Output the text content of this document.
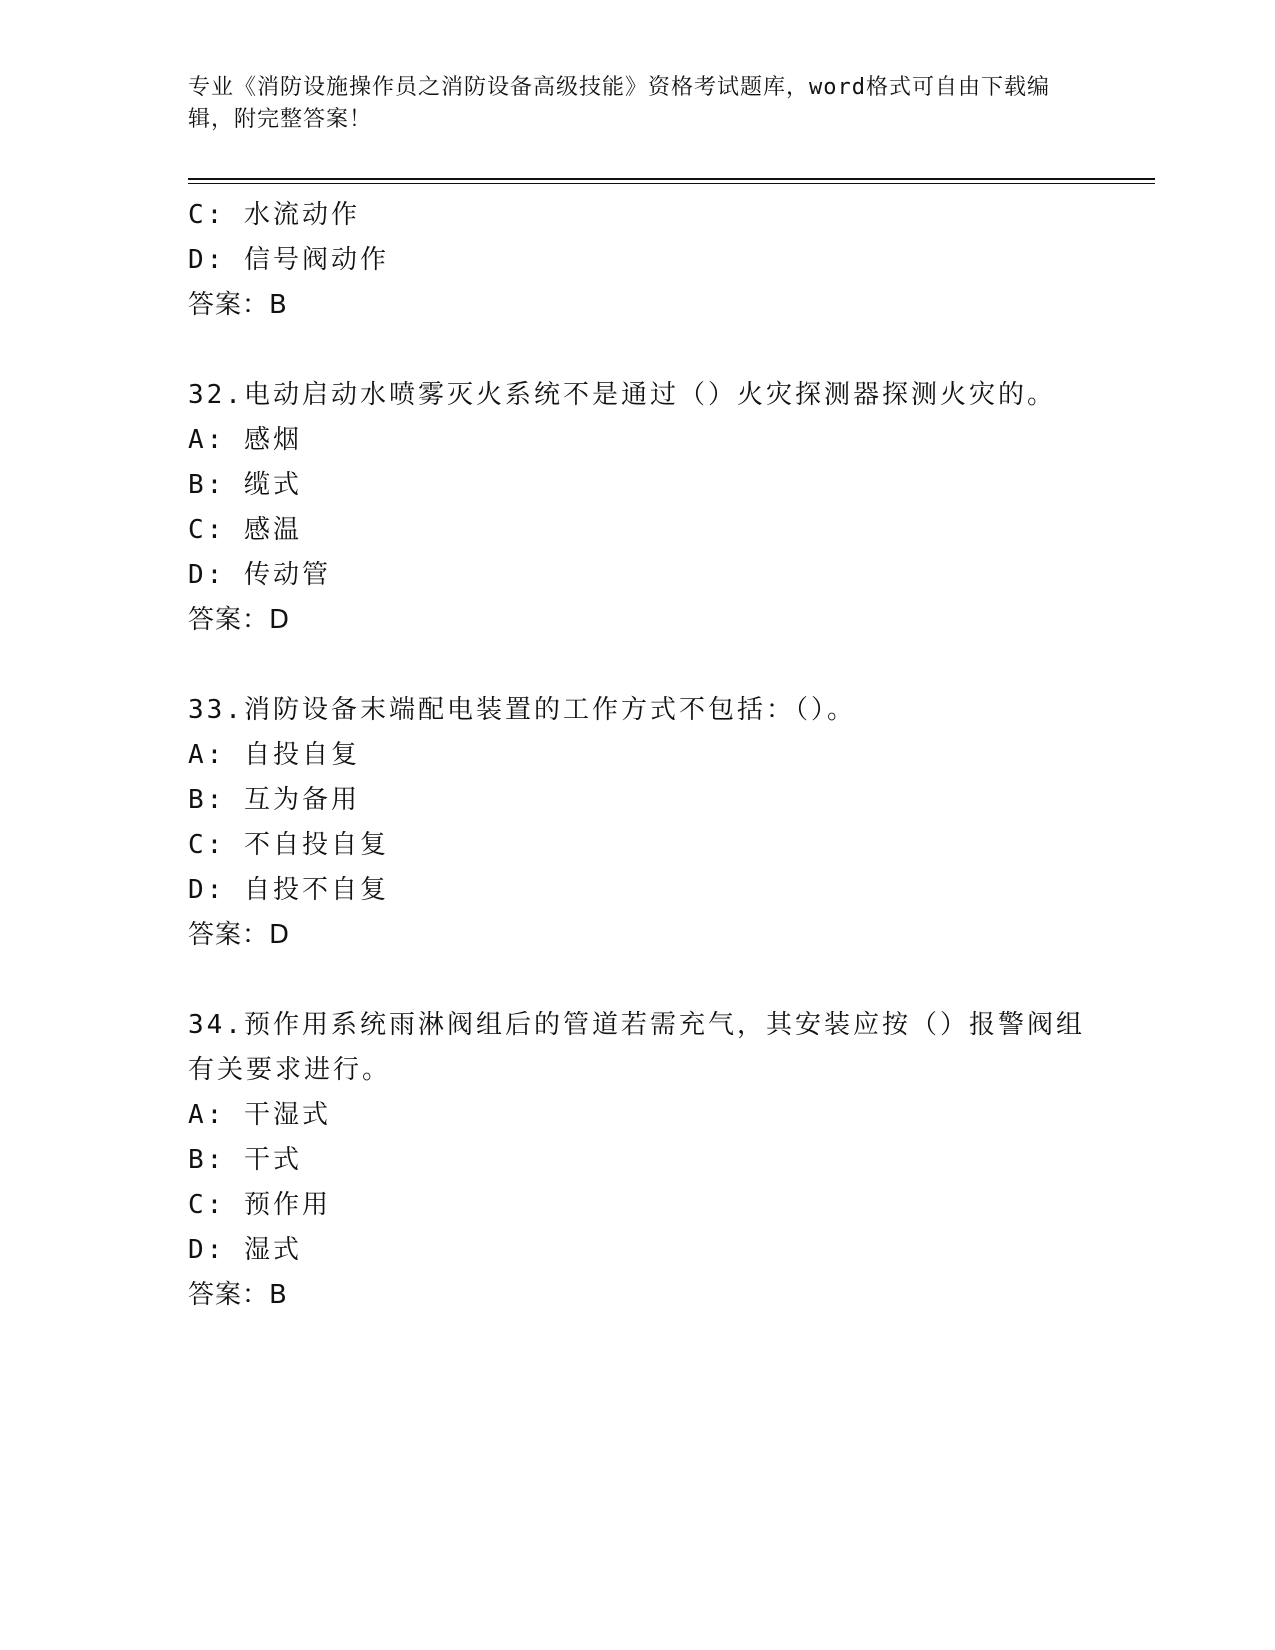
专业《消防设施操作员之消防设备高级技能》资格考试题库，word格式可自由下载编辑，附完整答案！
C: 水流动作
D: 信号阀动作
答案：B
32.电动启动水喷雾灭火系统不是通过（）火灾探测器探测火灾的。
A: 感烟
B: 缆式
C: 感温
D: 传动管
答案：D
33.消防设备末端配电装置的工作方式不包括：（）。
A: 自投自复
B: 互为备用
C: 不自投自复
D: 自投不自复
答案：D
34.预作用系统雨淋阀组后的管道若需充气，其安装应按（）报警阀组有关要求进行。
A: 干湿式
B: 干式
C: 预作用
D: 湿式
答案：B
